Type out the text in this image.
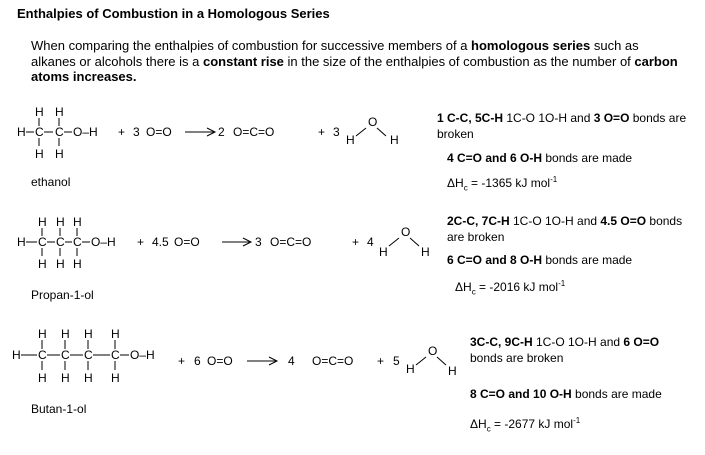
Enthalpies of Combustion in a Homologous Series
When comparing the enthalpies of combustion for successive members of a homologous series such as alkanes or alcohols there is a constant rise in the size of the enthalpies of combustion as the number of carbon atoms increases.
H H
H C C O–H
H H
+ 3 O=O	2 O=C=O	+ 3
O
H	H
H H H
H C C C O–H
H H H
+ 4.5 O=O	3 O=C=O	+ 4
O
H	H
H H H H
H C C C C O–H
H H H H
+ 6 O=O	4 O=C=O + 5
O
H	H
ethanol
Propan-1-ol
Butan-1-ol
1 C-C, 5C-H 1C-O 1O-H and 3 O=O bonds are broken
4 C=O and 6 O-H bonds are made
$\Delta H_c = -1365$ kJ mol$^{-1}$
2C-C, 7C-H 1C-O 1O-H and 4.5 O=O bonds are broken
6 C=O and 8 O-H bonds are made
$\Delta H_c = -2016$ kJ mol$^{-1}$
3C-C, 9C-H 1C-O 1O-H and 6 O=O bonds are broken
8 C=O and 10 O-H bonds are made
$\Delta H_c = -2677$ kJ mol$^{-1}$
